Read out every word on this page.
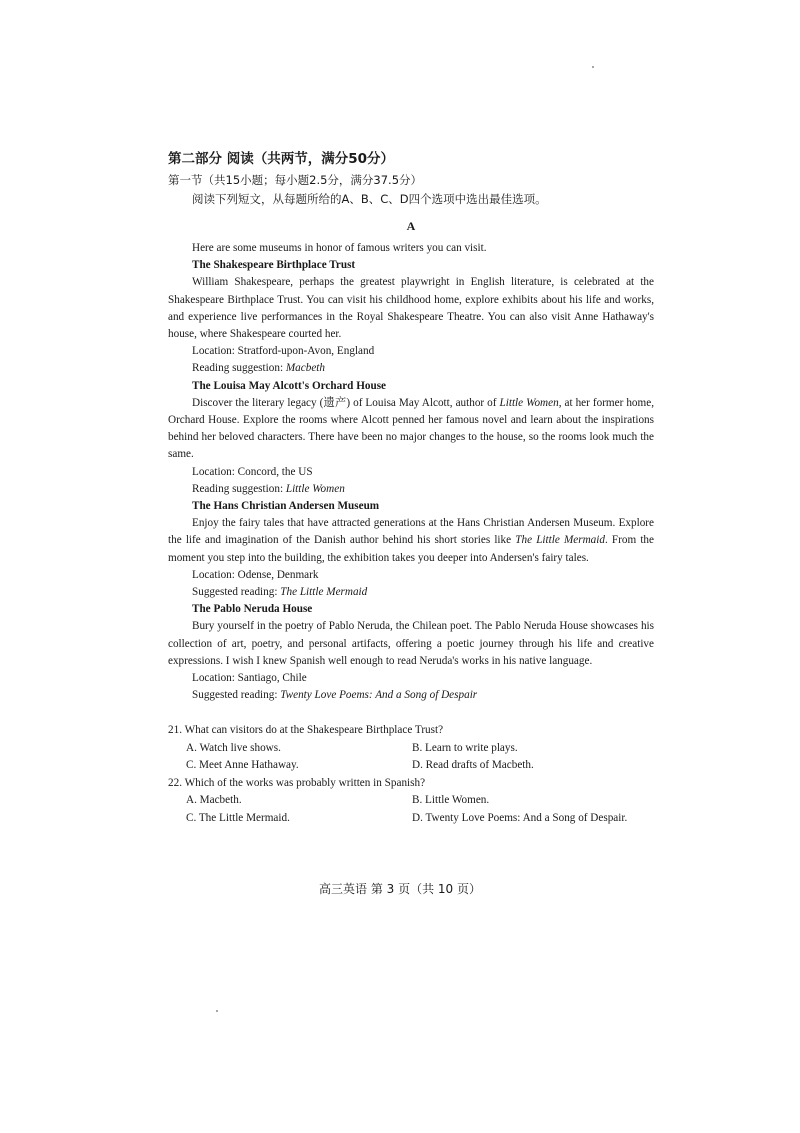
第二部分 阅读（共两节，满分50分）
第一节（共15小题；每小题2.5分，满分37.5分）
阅读下列短文，从每题所给的A、B、C、D四个选项中选出最佳选项。
A

Here are some museums in honor of famous writers you can visit.

The Shakespeare Birthplace Trust

William Shakespeare, perhaps the greatest playwright in English literature, is celebrated at the Shakespeare Birthplace Trust. You can visit his childhood home, explore exhibits about his life and works, and experience live performances in the Royal Shakespeare Theatre. You can also visit Anne Hathaway's house, where Shakespeare courted her.

Location: Stratford-upon-Avon, England
Reading suggestion: Macbeth
The Louisa May Alcott's Orchard House

Discover the literary legacy (遗产) of Louisa May Alcott, author of Little Women, at her former home, Orchard House. Explore the rooms where Alcott penned her famous novel and learn about the inspirations behind her beloved characters. There have been no major changes to the house, so the rooms look much the same.

Location: Concord, the US
Reading suggestion: Little Women
The Hans Christian Andersen Museum

Enjoy the fairy tales that have attracted generations at the Hans Christian Andersen Museum. Explore the life and imagination of the Danish author behind his short stories like The Little Mermaid. From the moment you step into the building, the exhibition takes you deeper into Andersen's fairy tales.

Location: Odense, Denmark
Suggested reading: The Little Mermaid
The Pablo Neruda House

Bury yourself in the poetry of Pablo Neruda, the Chilean poet. The Pablo Neruda House showcases his collection of art, poetry, and personal artifacts, offering a poetic journey through his life and creative expressions. I wish I knew Spanish well enough to read Neruda's works in his native language.

Location: Santiago, Chile
Suggested reading: Twenty Love Poems: And a Song of Despair

21. What can visitors do at the Shakespeare Birthplace Trust?

A. Watch live shows.	B. Learn to write plays.
C. Meet Anne Hathaway.	D. Read drafts of Macbeth.

22. Which of the works was probably written in Spanish?

A. Macbeth.	B. Little Women.
C. The Little Mermaid.	D. Twenty Love Poems: And a Song of Despair.
高三英语 第 3 页（共 10 页）
